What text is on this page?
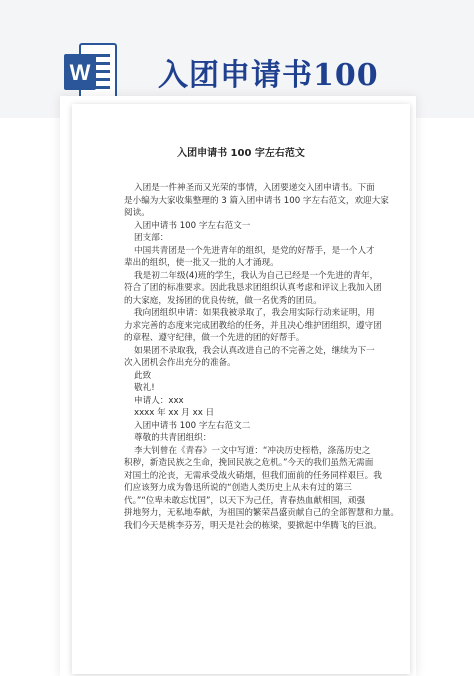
W 入团申请书100
入团申请书 100 字左右范文
入团是一件神圣而又光荣的事情，入团要递交入团申请书。下面
是小编为大家收集整理的 3 篇入团申请书 100 字左右范文，欢迎大家
阅读。
入团申请书 100 字左右范文一
团支部：
中国共青团是一个先进青年的组织，是党的好帮手，是一个人才
辈出的组织，使一批又一批的人才涌现。
我是初二年级(4)班的学生，我认为自己已经是一个先进的青年，
符合了团的标准要求。因此我恳求团组织认真考虑和评议上我加入团
的大家庭，发扬团的优良传统，做一名优秀的团员。
我向团组织申请：如果我被录取了，我会用实际行动来证明，用
力求完善的态度来完成团教给的任务，并且决心维护团组织，遵守团
的章程、遵守纪律，做一个先进的团的好帮手。
如果团不录取我，我会认真改进自己的不完善之处，继续为下一
次入团机会作出充分的准备。
此致
敬礼!
申请人：xxx
xxxx 年 xx 月 xx 日
入团申请书 100 字左右范文二
尊敬的共青团组织：
李大钊曾在《青春》一文中写道：“冲决历史桎梏，涤荡历史之
积秽，新造民族之生命，挽回民族之危机。”今天的我们虽然无需面
对国土的沦丧，无需承受战火硝烟，但我们面前的任务同样艰巨。我
们应该努力成为鲁迅所说的“创造人类历史上从未有过的第三
代。”“位卑未敢忘忧国”，以天下为己任，青春热血献相国，顽强
拼地努力，无私地奉献，为祖国的繁荣昌盛贡献自己的全部智慧和力量。
我们今天是桃李芬芳，明天是社会的栋梁，要掀起中华腾飞的巨浪。
